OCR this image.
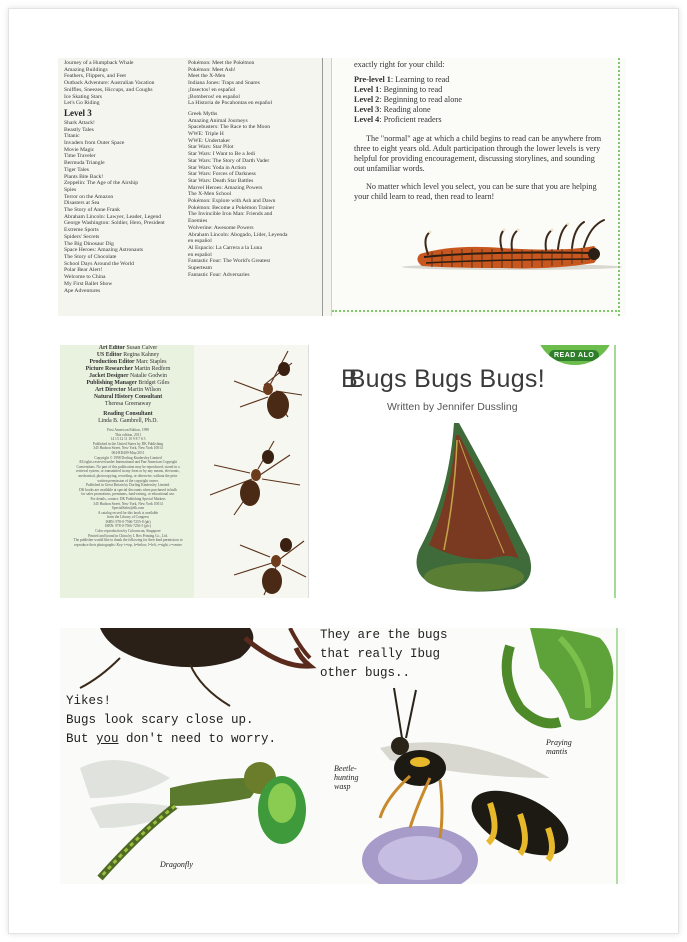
Journey of a Humpback Whale
Amazing Buildings
Feathers, Flippers, and Feet
Outback Adventure: Australian Vacation
Sniffles, Sneezes, Hiccups, and Coughs
Ice Skating Stars
Let's Go Riding
Level 3
Shark Attack!
Beastly Tales
Titanic
Invaders from Outer Space
Movie Magic
Time Traveler
Bermuda Triangle
Tiger Tales
Plants Bite Back!
Zeppelin: The Age of the Airship
Spies
Terror on the Amazon
Disasters at Sea
The Story of Anne Frank
Abraham Lincoln: Lawyer, Leader, Legend
George Washington: Soldier, Hero, President
Extreme Sports
Spiders' Secrets
The Big Dinosaur Dig
Space Heroes: Amazing Astronauts
The Story of Chocolate
School Days Around the World
Polar Bear Alert!
Welcome to China
My First Ballet Show
Ape Adventures
Pokémon: Meet the Pokémon
Pokémon: Meet Ash!
Meet the X-Men
Indiana Jones: Traps and Snares
¡Insectos! en español
¡Bomberos! en español
La Historia de Pocahontas en español
Greek Myths
Amazing Animal Journeys
Spacebusters: The Race to the Moon
WWE: Triple H
WWE: Undertaker
Star Wars: Star Pilot
Star Wars: I Want to Be a Jedi
Star Wars: The Story of Darth Vader
Star Wars: Yoda in Action
Star Wars: Forces of Darkness
Star Wars: Death Star Battles
Marvel Heroes: Amazing Powers
The X-Men School
Pokémon: Explore with Ash and Dawn
Pokémon: Become a Pokémon Trainer
The Invincible Iron Man: Friends and
Enemies
Wolverine: Awesome Powers
Abraham Lincoln: Abogado, Líder, Leyenda
en español
Al Espacio: La Carrera a la Luna
en español
Fantastic Four: The World's Greatest
Superteam
Fantastic Four: Adversaries

exactly right for your child:

Pre-level 1: Learning to read
Level 1: Beginning to read
Level 2: Beginning to read alone
Level 3: Reading alone
Level 4: Proficient readers

The "normal" age at which a child begins to read can be anywhere from three to eight years old. Adult participation through the lower levels is very helpful for providing encouragement, discussing storylines, and sounding out unfamiliar words.

No matter which level you select, you can be sure that you are helping your child learn to read, then read to learn!

Art Editor Susan Calver
US Editor Regina Kahney
Production Editor Marc Staples
Picture Researcher Martin Redfern
Jacket Designer Natalie Godwin
Publishing Manager Bridget Giles
Art Director Martin Wilson
Natural History Consultant
Theresa Greenaway
Reading Consultant
Linda B. Gambrell, Ph.D.
First American Edition, 1998
This edition, 2011
14 13 12 11 10 9 8 7 6 5
Published in the United States by DK Publishing
345 Hudson Street, New York, New York 10014
004-RD409-May/2011
Copyright © 1998 Dorling Kindersley Limited
All rights reserved under International and Pan-American Copyright
Conventions. No part of this publication may be reproduced, stored in a
retrieval system, or transmitted in any form or by any means, electronic,
mechanical, photocopying, recording, or otherwise, without the prior
written permission of the copyright owner.
Published in Great Britain by Dorling Kindersley Limited.
DK books are available at special discounts when purchased in bulk
for sales promotions, premiums, fund-raising, or educational use.
For details, contact: DK Publishing Special Markets
345 Hudson Street, New York, New York 10014
SpecialSales@dk.com
A catalog record for this book is available
from the Library of Congress
ISBN: 978-0-7566-7255-8 (pb)
ISBN: 978-0-7566-7256-5 (plc)
Color reproduction by Colourscan, Singapore
Printed and bound in China by L Rex Printing Co., Ltd.
The publisher would like to thank the following for their kind permission to
reproduce their photographs: Key: t=top, b=below, l=left, r=right, c=center
READ ALO
BBugs Bugs Bugs!
Written by Jennifer Dussling
Yikes!
Bugs look scary close up.
But you don't need to worry.
Dragonfly
They are the bugs
that really Ibug
other bugs..
Praying
mantis
Beetle-
hunting
wasp
